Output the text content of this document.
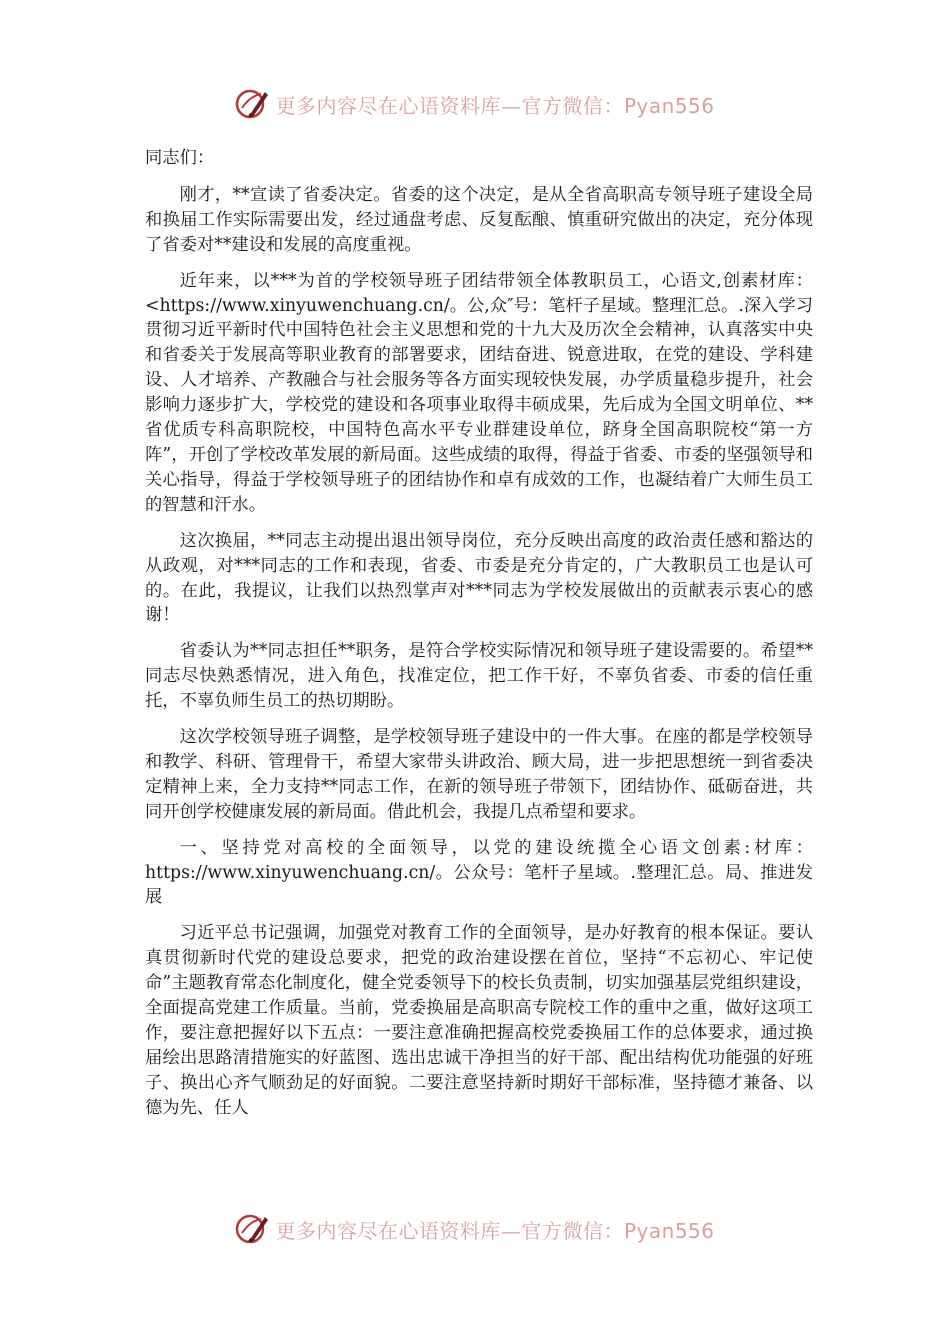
更多内容尽在心语资料库—官方微信：Pyan556

同志们：

刚才，**宣读了省委决定。省委的这个决定，是从全省高职高专领导班子建设全局和换届工作实际需要出发，经过通盘考虑、反复酝酿、慎重研究做出的决定，充分体现了省委对**建设和发展的高度重视。

近年来，以***为首的学校领导班子团结带领全体教职员工，心语文,创素材库：<https://www.xinyuwenchuang.cn/。公,众″号：笔杆子星域。整理汇总。.深入学习贯彻习近平新时代中国特色社会主义思想和党的十九大及历次全会精神，认真落实中央和省委关于发展高等职业教育的部署要求，团结奋进、锐意进取，在党的建设、学科建设、人才培养、产教融合与社会服务等各方面实现较快发展，办学质量稳步提升，社会影响力逐步扩大，学校党的建设和各项事业取得丰硕成果，先后成为全国文明单位、**省优质专科高职院校，中国特色高水平专业群建设单位，跻身全国高职院校“第一方阵”，开创了学校改革发展的新局面。这些成绩的取得，得益于省委、市委的坚强领导和关心指导，得益于学校领导班子的团结协作和卓有成效的工作，也凝结着广大师生员工的智慧和汗水。

这次换届，**同志主动提出退出领导岗位，充分反映出高度的政治责任感和豁达的从政观，对***同志的工作和表现，省委、市委是充分肯定的，广大教职员工也是认可的。在此，我提议，让我们以热烈掌声对***同志为学校发展做出的贡献表示衷心的感谢！

省委认为**同志担任**职务，是符合学校实际情况和领导班子建设需要的。希望**同志尽快熟悉情况，进入角色，找准定位，把工作干好，不辜负省委、市委的信任重托，不辜负师生员工的热切期盼。

这次学校领导班子调整，是学校领导班子建设中的一件大事。在座的都是学校领导和教学、科研、管理骨干，希望大家带头讲政治、顾大局，进一步把思想统一到省委决定精神上来，全力支持**同志工作，在新的领导班子带领下，团结协作、砥砺奋进，共同开创学校健康发展的新局面。借此机会，我提几点希望和要求。

一、坚持党对高校的全面领导，以党的建设统揽全心语文创素:材库：https://www.xinyuwenchuang.cn/。公众号：笔杆子星域。.整理汇总。局、推进发展

习近平总书记强调，加强党对教育工作的全面领导，是办好教育的根本保证。要认真贯彻新时代党的建设总要求，把党的政治建设摆在首位，坚持“不忘初心、牢记使命”主题教育常态化制度化，健全党委领导下的校长负责制，切实加强基层党组织建设，全面提高党建工作质量。当前，党委换届是高职高专院校工作的重中之重，做好这项工作，要注意把握好以下五点：一要注意准确把握高校党委换届工作的总体要求，通过换届绘出思路清措施实的好蓝图、选出忠诚干净担当的好干部、配出结构优功能强的好班子、换出心齐气顺劲足的好面貌。二要注意坚持新时期好干部标准，坚持德才兼备、以德为先、任人

更多内容尽在心语资料库—官方微信：Pyan556
